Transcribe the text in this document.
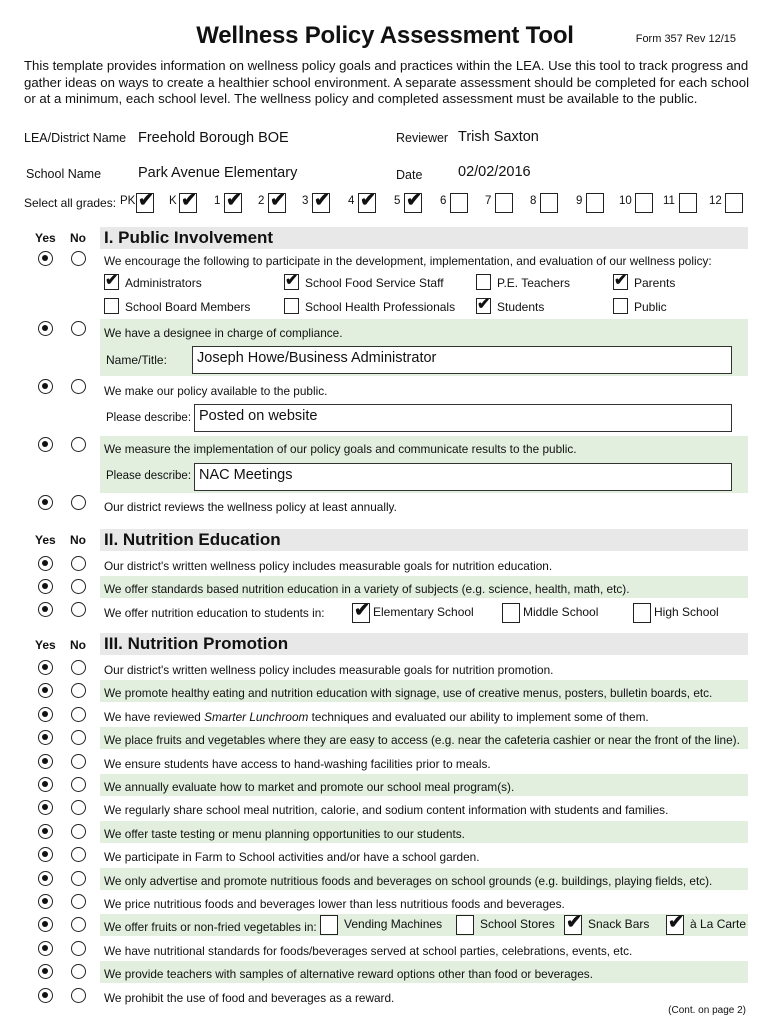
Wellness Policy Assessment Tool	Form 357 Rev 12/15
This template provides information on wellness policy goals and practices within the LEA. Use this tool to track progress and gather ideas on ways to create a healthier school environment. A separate assessment should be completed for each school or at a minimum, each school level. The wellness policy and completed assessment must be available to the public.
LEA/District Name Freehold Borough BOE	Reviewer Trish Saxton
School Name	Park Avenue Elementary	Date 02/02/2016
Select all grades: PK ✔ K ✔ 1 ✔ 2 ✔ 3 ✔ 4 ✔ 5 ✔ 6	7	8	9	10	11	12
Yes No I. Public Involvement
We encourage the following to participate in the development, implementation, and evaluation of our wellness policy:
✔ Administrators	✔ School Food Service Staff	P.E. Teachers	✔ Parents
School Board Members	School Health Professionals ✔ Students	Public
We have a designee in charge of compliance.
Name/Title:	Joseph Howe/Business Administrator
We make our policy available to the public.
Please describe: Posted on website
We measure the implementation of our policy goals and communicate results to the public.
Please describe: NAC Meetings
Our district reviews the wellness policy at least annually.
Yes No II. Nutrition Education
Our district's written wellness policy includes measurable goals for nutrition education.
We offer standards based nutrition education in a variety of subjects (e.g. science, health, math, etc).
We offer nutrition education to students in: ✔ Elementary School	Middle School	High School
Yes No III. Nutrition Promotion
Our district's written wellness policy includes measurable goals for nutrition promotion.
We promote healthy eating and nutrition education with signage, use of creative menus, posters, bulletin boards, etc.
We have reviewed Smarter Lunchroom techniques and evaluated our ability to implement some of them.
We place fruits and vegetables where they are easy to access (e.g. near the cafeteria cashier or near the front of the line).
We ensure students have access to hand-washing facilities prior to meals.
We annually evaluate how to market and promote our school meal program(s).
We regularly share school meal nutrition, calorie, and sodium content information with students and families.
We offer taste testing or menu planning opportunities to our students.
We participate in Farm to School activities and/or have a school garden.
We only advertise and promote nutritious foods and beverages on school grounds (e.g. buildings, playing fields, etc).
We price nutritious foods and beverages lower than less nutritious foods and beverages.
We offer fruits or non-fried vegetables in: Vending Machines	School Stores ✔ Snack Bars ✔ à La Carte
We have nutritional standards for foods/beverages served at school parties, celebrations, events, etc.
We provide teachers with samples of alternative reward options other than food or beverages.
We prohibit the use of food and beverages as a reward.
(Cont. on page 2)
